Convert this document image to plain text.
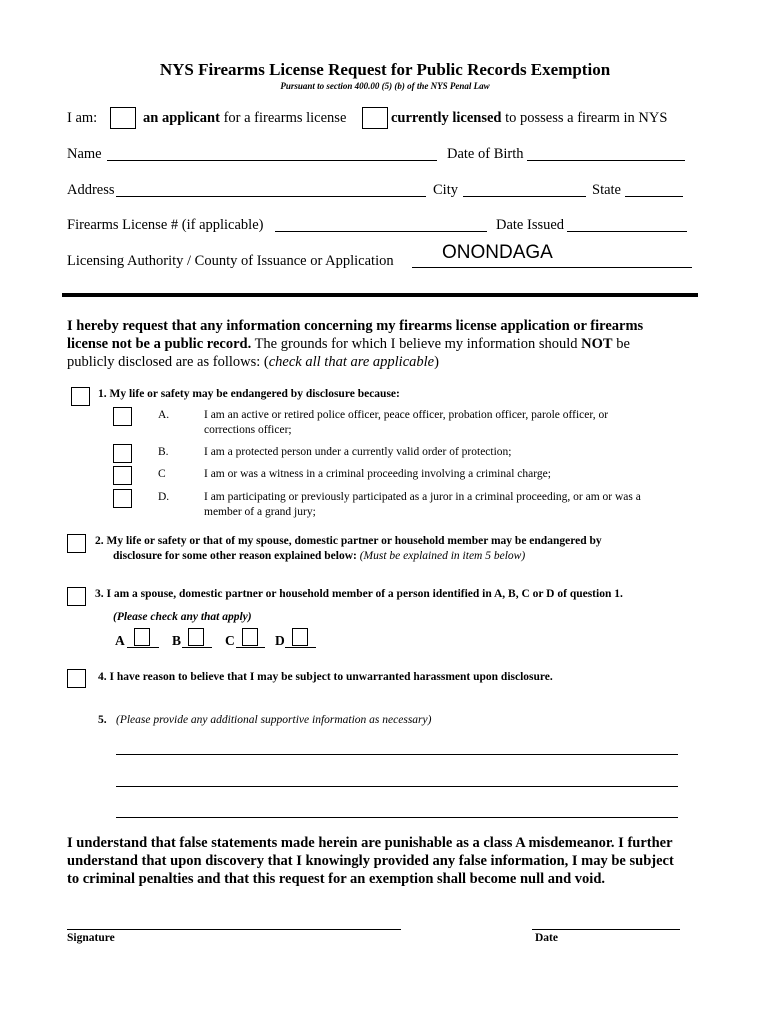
NYS Firearms License Request for Public Records Exemption
Pursuant to section 400.00 (5) (b) of the NYS Penal Law
I am:	an applicant for a firearms license	currently licensed to possess a firearm in NYS
Name	Date of Birth
Address	City	State
Firearms License # (if applicable)	Date Issued
Licensing Authority / County of Issuance or Application	ONONDAGA
I hereby request that any information concerning my firearms license application or firearms
license not be a public record. The grounds for which I believe my information should NOT be
publicly disclosed are as follows: (check all that are applicable)
1. My life or safety may be endangered by disclosure because:
A.	I am an active or retired police officer, peace officer, probation officer, parole officer, or
corrections officer;
B.	I am a protected person under a currently valid order of protection;
C	I am or was a witness in a criminal proceeding involving a criminal charge;
D.	I am participating or previously participated as a juror in a criminal proceeding, or am or was a
member of a grand jury;
2. My life or safety or that of my spouse, domestic partner or household member may be endangered by
disclosure for some other reason explained below: (Must be explained in item 5 below)
3. I am a spouse, domestic partner or household member of a person identified in A, B, C or D of question 1.
(Please check any that apply)
A	B	C	D
4. I have reason to believe that I may be subject to unwarranted harassment upon disclosure.
5. (Please provide any additional supportive information as necessary)
I understand that false statements made herein are punishable as a class A misdemeanor. I further
understand that upon discovery that I knowingly provided any false information, I may be subject
to criminal penalties and that this request for an exemption shall become null and void.
Signature	Date
